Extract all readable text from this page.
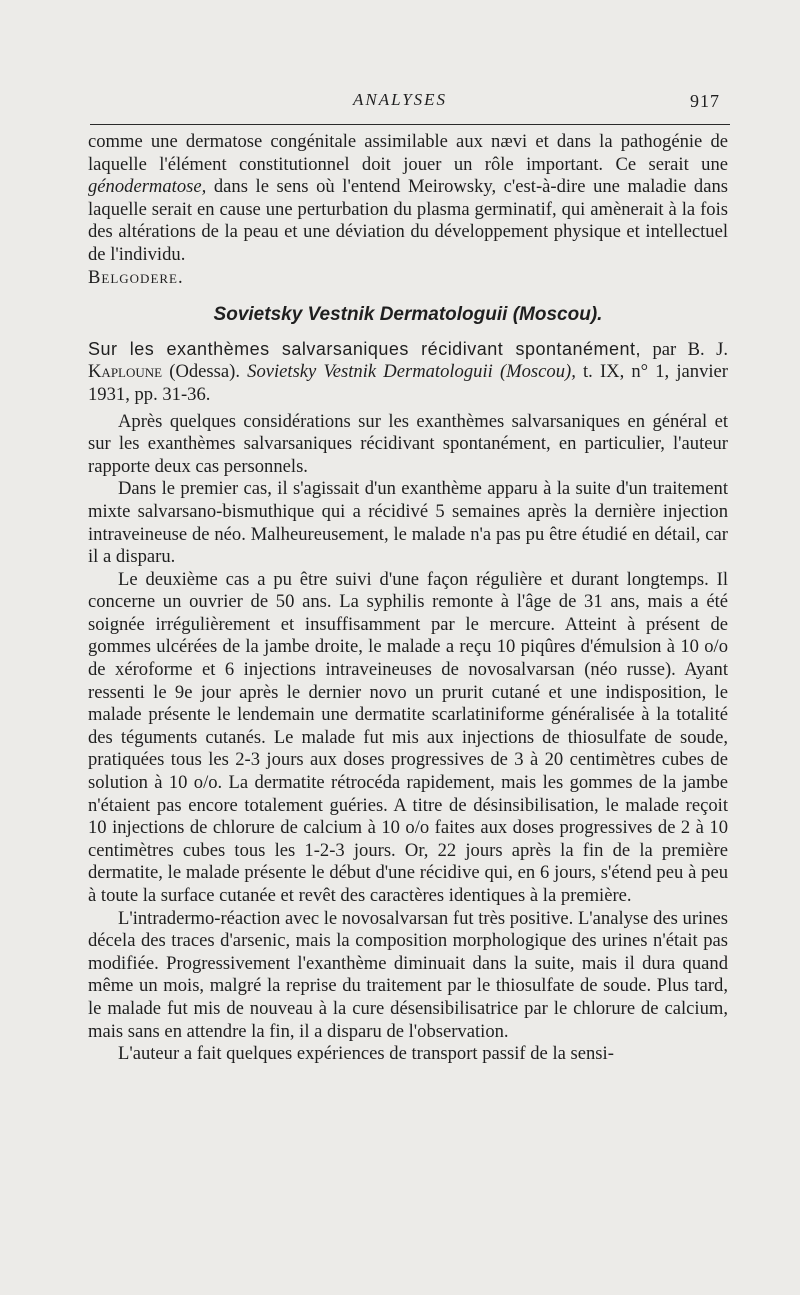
ANALYSES	917

comme une dermatose congénitale assimilable aux nævi et dans la pathogénie de laquelle l'élément constitutionnel doit jouer un rôle important. Ce serait une génodermatose, dans le sens où l'entend Meirowsky, c'est-à-dire une maladie dans laquelle serait en cause une perturbation du plasma germinatif, qui amènerait à la fois des altérations de la peau et une déviation du développement physique et intellectuel de l'individu.

Belgodere.

Sovietsky Vestnik Dermatologuii (Moscou).

Sur les exanthèmes salvarsaniques récidivant spontanément, par B. J. Kaploune (Odessa). Sovietsky Vestnik Dermatologuii (Moscou), t. IX, n° 1, janvier 1931, pp. 31-36.

Après quelques considérations sur les exanthèmes salvarsaniques en général et sur les exanthèmes salvarsaniques récidivant spontanément, en particulier, l'auteur rapporte deux cas personnels.

Dans le premier cas, il s'agissait d'un exanthème apparu à la suite d'un traitement mixte salvarsano-bismuthique qui a récidivé 5 semaines après la dernière injection intraveineuse de néo. Malheureusement, le malade n'a pas pu être étudié en détail, car il a disparu.

Le deuxième cas a pu être suivi d'une façon régulière et durant longtemps. Il concerne un ouvrier de 50 ans. La syphilis remonte à l'âge de 31 ans, mais a été soignée irrégulièrement et insuffisamment par le mercure. Atteint à présent de gommes ulcérées de la jambe droite, le malade a reçu 10 piqûres d'émulsion à 10 o/o de xéroforme et 6 injections intraveineuses de novosalvarsan (néo russe). Ayant ressenti le 9e jour après le dernier novo un prurit cutané et une indisposition, le malade présente le lendemain une dermatite scarlatiniforme généralisée à la totalité des téguments cutanés. Le malade fut mis aux injections de thiosulfate de soude, pratiquées tous les 2-3 jours aux doses progressives de 3 à 20 centimètres cubes de solution à 10 o/o. La dermatite rétrocéda rapidement, mais les gommes de la jambe n'étaient pas encore totalement guéries. A titre de désinsibilisation, le malade reçoit 10 injections de chlorure de calcium à 10 o/o faites aux doses progressives de 2 à 10 centimètres cubes tous les 1-2-3 jours. Or, 22 jours après la fin de la première dermatite, le malade présente le début d'une récidive qui, en 6 jours, s'étend peu à peu à toute la surface cutanée et revêt des caractères identiques à la première.

L'intradermo-réaction avec le novosalvarsan fut très positive. L'analyse des urines décela des traces d'arsenic, mais la composition morphologique des urines n'était pas modifiée. Progressivement l'exanthème diminuait dans la suite, mais il dura quand même un mois, malgré la reprise du traitement par le thiosulfate de soude. Plus tard, le malade fut mis de nouveau à la cure désensibilisatrice par le chlorure de calcium, mais sans en attendre la fin, il a disparu de l'observation.

L'auteur a fait quelques expériences de transport passif de la sensi-
